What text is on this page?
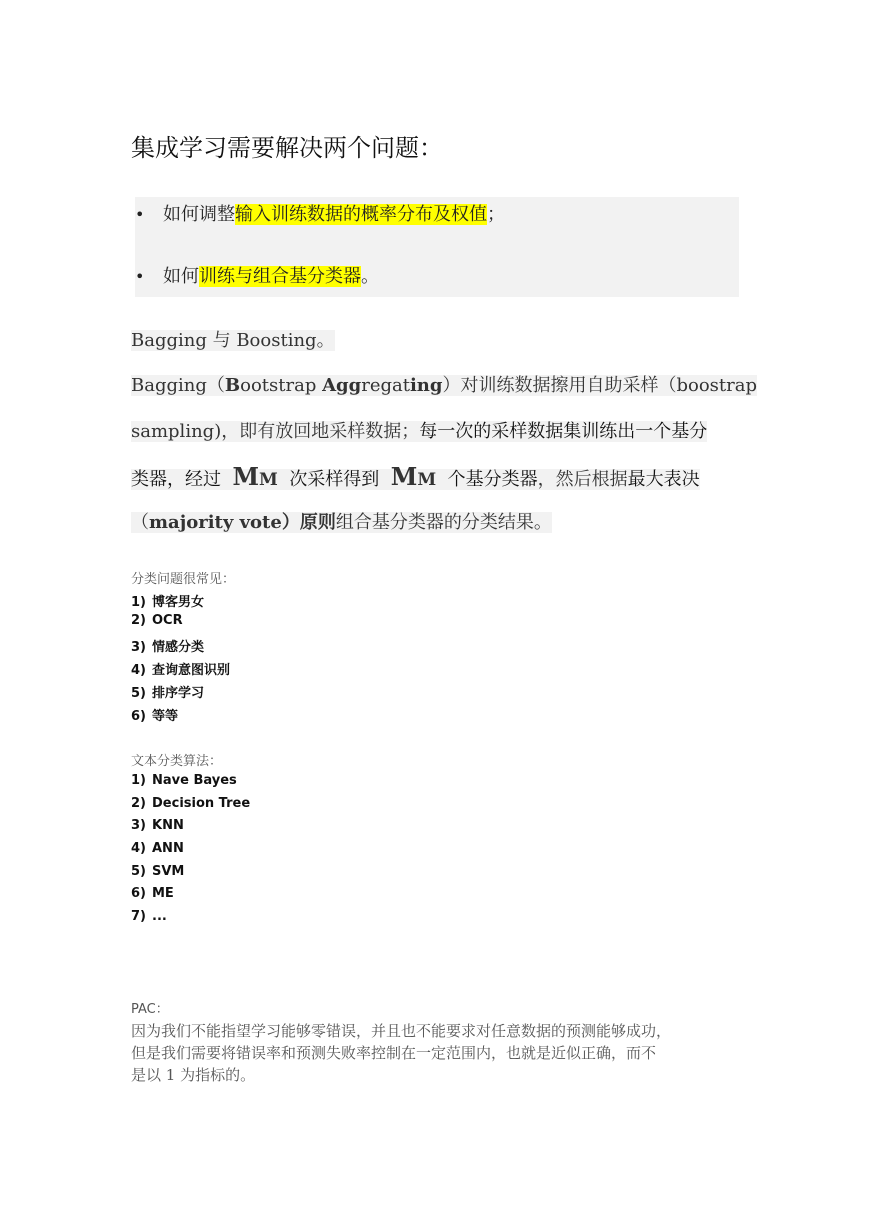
集成学习需要解决两个问题：
• 如何调整输入训练数据的概率分布及权值；
• 如何训练与组合基分类器。
Bagging 与 Boosting。
Bagging（Bootstrap Aggregating）对训练数据擦用自助采样（boostrap
sampling)，即有放回地采样数据；每一次的采样数据集训练出一个基分
类器，经过 MM 次采样得到 MM 个基分类器，然后根据最大表决
（majority vote）原则组合基分类器的分类结果。
分类问题很常见：
1) 博客男女
2) OCR
3) 情感分类
4) 查询意图识别
5) 排序学习
6) 等等
文本分类算法：
1) Nave Bayes
2) Decision Tree
3) KNN
4) ANN
5) SVM
6) ME
7) ...
PAC：
因为我们不能指望学习能够零错误，并且也不能要求对任意数据的预测能够成功，
但是我们需要将错误率和预测失败率控制在一定范围内，也就是近似正确，而不
是以 1 为指标的。
